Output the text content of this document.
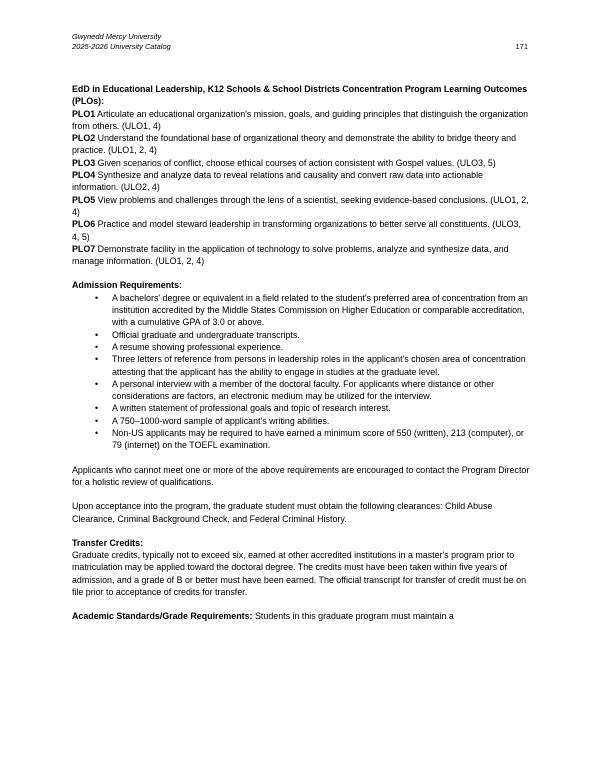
Gwynedd Mercy University
2025-2026 University Catalog	171

EdD in Educational Leadership, K12 Schools & School Districts Concentration Program Learning Outcomes (PLOs):

PLO1 Articulate an educational organization's mission, goals, and guiding principles that distinguish the organization from others. (ULO1, 4)

PLO2 Understand the foundational base of organizational theory and demonstrate the ability to bridge theory and practice. (ULO1, 2, 4)

PLO3 Given scenarios of conflict, choose ethical courses of action consistent with Gospel values. (ULO3, 5)

PLO4 Synthesize and analyze data to reveal relations and causality and convert raw data into actionable information. (ULO2, 4)

PLO5 View problems and challenges through the lens of a scientist, seeking evidence-based conclusions. (ULO1, 2, 4)

PLO6 Practice and model steward leadership in transforming organizations to better serve all constituents. (ULO3, 4, 5)

PLO7 Demonstrate facility in the application of technology to solve problems, analyze and synthesize data, and manage information. (ULO1, 2, 4)

Admission Requirements:

• A bachelors' degree or equivalent in a field related to the student's preferred area of concentration from an institution accredited by the Middle States Commission on Higher Education or comparable accreditation, with a cumulative GPA of 3.0 or above.
• Official graduate and undergraduate transcripts.
• A resume showing professional experience.
• Three letters of reference from persons in leadership roles in the applicant's chosen area of concentration attesting that the applicant has the ability to engage in studies at the graduate level.
• A personal interview with a member of the doctoral faculty. For applicants where distance or other considerations are factors, an electronic medium may be utilized for the interview.
• A written statement of professional goals and topic of research interest.
• A 750–1000-word sample of applicant's writing abilities.
• Non-US applicants may be required to have earned a minimum score of 550 (written), 213 (computer), or 79 (internet) on the TOEFL examination.

Applicants who cannot meet one or more of the above requirements are encouraged to contact the Program Director for a holistic review of qualifications.

Upon acceptance into the program, the graduate student must obtain the following clearances: Child Abuse Clearance, Criminal Background Check, and Federal Criminal History.

Transfer Credits:

Graduate credits, typically not to exceed six, earned at other accredited institutions in a master's program prior to matriculation may be applied toward the doctoral degree. The credits must have been taken within five years of admission, and a grade of B or better must have been earned. The official transcript for transfer of credit must be on file prior to acceptance of credits for transfer.

Academic Standards/Grade Requirements: Students in this graduate program must maintain a
